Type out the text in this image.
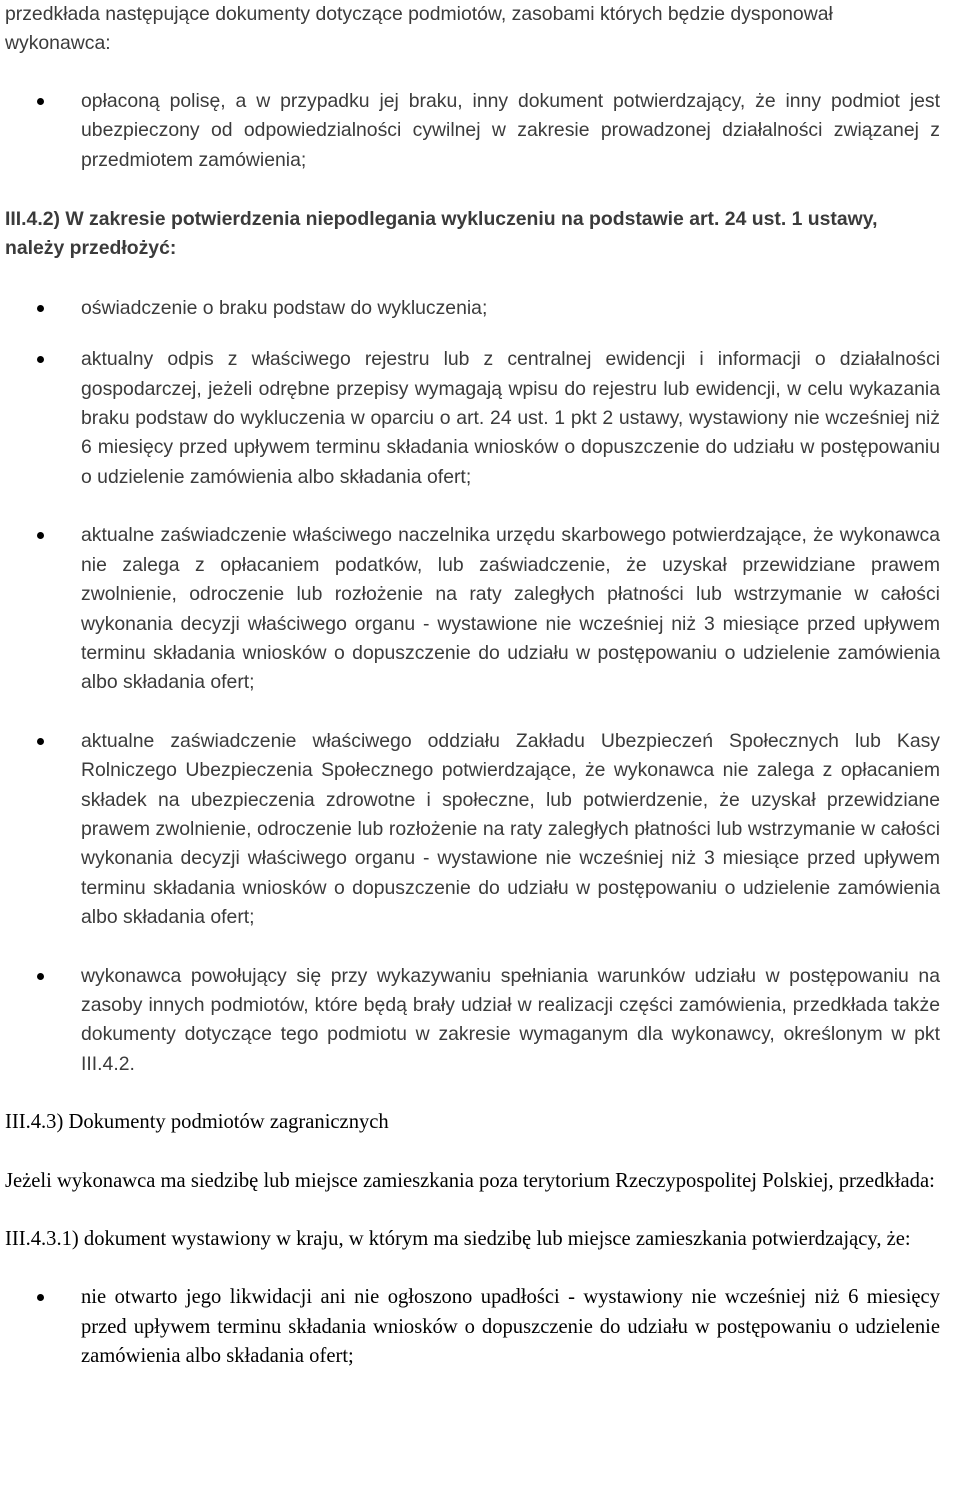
przedkłada następujące dokumenty dotyczące podmiotów, zasobami których będzie dysponował wykonawca:

opłaconą polisę, a w przypadku jej braku, inny dokument potwierdzający, że inny podmiot jest ubezpieczony od odpowiedzialności cywilnej w zakresie prowadzonej działalności związanej z przedmiotem zamówienia;

III.4.2) W zakresie potwierdzenia niepodlegania wykluczeniu na podstawie art. 24 ust. 1 ustawy, należy przedłożyć:

oświadczenie o braku podstaw do wykluczenia;
aktualny odpis z właściwego rejestru lub z centralnej ewidencji i informacji o działalności gospodarczej, jeżeli odrębne przepisy wymagają wpisu do rejestru lub ewidencji, w celu wykazania braku podstaw do wykluczenia w oparciu o art. 24 ust. 1 pkt 2 ustawy, wystawiony nie wcześniej niż 6 miesięcy przed upływem terminu składania wniosków o dopuszczenie do udziału w postępowaniu o udzielenie zamówienia albo składania ofert;
aktualne zaświadczenie właściwego naczelnika urzędu skarbowego potwierdzające, że wykonawca nie zalega z opłacaniem podatków, lub zaświadczenie, że uzyskał przewidziane prawem zwolnienie, odroczenie lub rozłożenie na raty zaległych płatności lub wstrzymanie w całości wykonania decyzji właściwego organu - wystawione nie wcześniej niż 3 miesiące przed upływem terminu składania wniosków o dopuszczenie do udziału w postępowaniu o udzielenie zamówienia albo składania ofert;
aktualne zaświadczenie właściwego oddziału Zakładu Ubezpieczeń Społecznych lub Kasy Rolniczego Ubezpieczenia Społecznego potwierdzające, że wykonawca nie zalega z opłacaniem składek na ubezpieczenia zdrowotne i społeczne, lub potwierdzenie, że uzyskał przewidziane prawem zwolnienie, odroczenie lub rozłożenie na raty zaległych płatności lub wstrzymanie w całości wykonania decyzji właściwego organu - wystawione nie wcześniej niż 3 miesiące przed upływem terminu składania wniosków o dopuszczenie do udziału w postępowaniu o udzielenie zamówienia albo składania ofert;
wykonawca powołujący się przy wykazywaniu spełniania warunków udziału w postępowaniu na zasoby innych podmiotów, które będą brały udział w realizacji części zamówienia, przedkłada także dokumenty dotyczące tego podmiotu w zakresie wymaganym dla wykonawcy, określonym w pkt III.4.2.

III.4.3) Dokumenty podmiotów zagranicznych

Jeżeli wykonawca ma siedzibę lub miejsce zamieszkania poza terytorium Rzeczypospolitej Polskiej, przedkłada:

III.4.3.1) dokument wystawiony w kraju, w którym ma siedzibę lub miejsce zamieszkania potwierdzający, że:

nie otwarto jego likwidacji ani nie ogłoszono upadłości - wystawiony nie wcześniej niż 6 miesięcy przed upływem terminu składania wniosków o dopuszczenie do udziału w postępowaniu o udzielenie zamówienia albo składania ofert;
